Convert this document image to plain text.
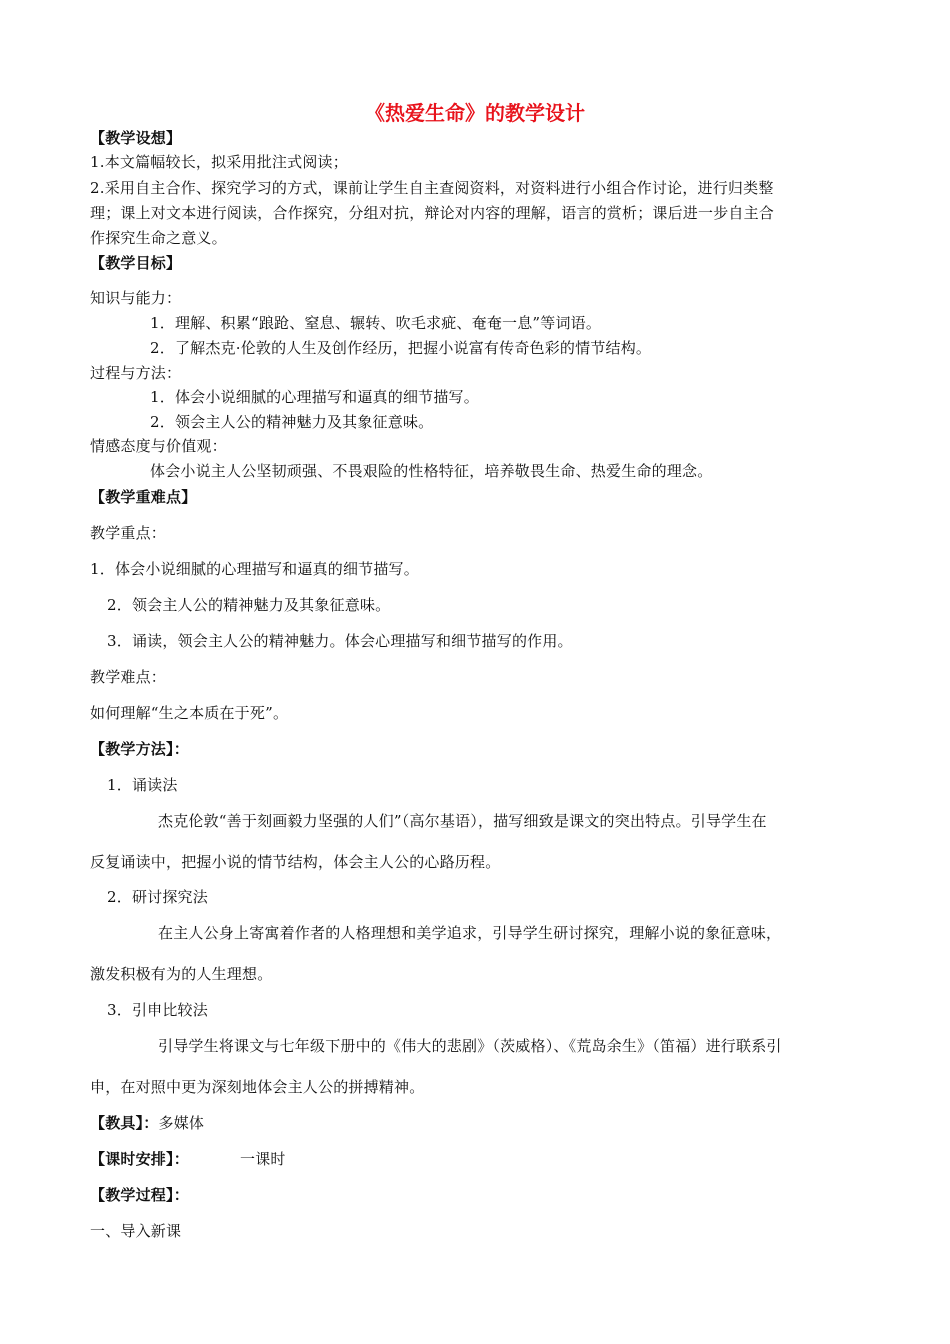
《热爱生命》的教学设计
【教学设想】
1.本文篇幅较长，拟采用批注式阅读；
2.采用自主合作、探究学习的方式，课前让学生自主查阅资料，对资料进行小组合作讨论，进行归类整
理；课上对文本进行阅读，合作探究，分组对抗，辩论对内容的理解，语言的赏析；课后进一步自主合
作探究生命之意义。
【教学目标】
知识与能力：
1．理解、积累“踉跄、窒息、辗转、吹毛求疵、奄奄一息”等词语。
2．了解杰克·伦敦的人生及创作经历，把握小说富有传奇色彩的情节结构。
过程与方法：
1．体会小说细腻的心理描写和逼真的细节描写。
2．领会主人公的精神魅力及其象征意味。
情感态度与价值观：
体会小说主人公坚韧顽强、不畏艰险的性格特征，培养敬畏生命、热爱生命的理念。
【教学重难点】
教学重点：
1．体会小说细腻的心理描写和逼真的细节描写。
2．领会主人公的精神魅力及其象征意味。
3．诵读，领会主人公的精神魅力。体会心理描写和细节描写的作用。
教学难点：
如何理解“生之本质在于死”。
【教学方法】：
1．诵读法
杰克伦敦“善于刻画毅力坚强的人们”（高尔基语），描写细致是课文的突出特点。引导学生在
反复诵读中，把握小说的情节结构，体会主人公的心路历程。
2．研讨探究法
在主人公身上寄寓着作者的人格理想和美学追求，引导学生研讨探究，理解小说的象征意味，
激发积极有为的人生理想。
3．引申比较法
引导学生将课文与七年级下册中的《伟大的悲剧》（茨威格）、《荒岛余生》（笛福）进行联系引
申，在对照中更为深刻地体会主人公的拼搏精神。
【教具】：多媒体
【课时安排】：	一课时
【教学过程】：
一、导入新课
